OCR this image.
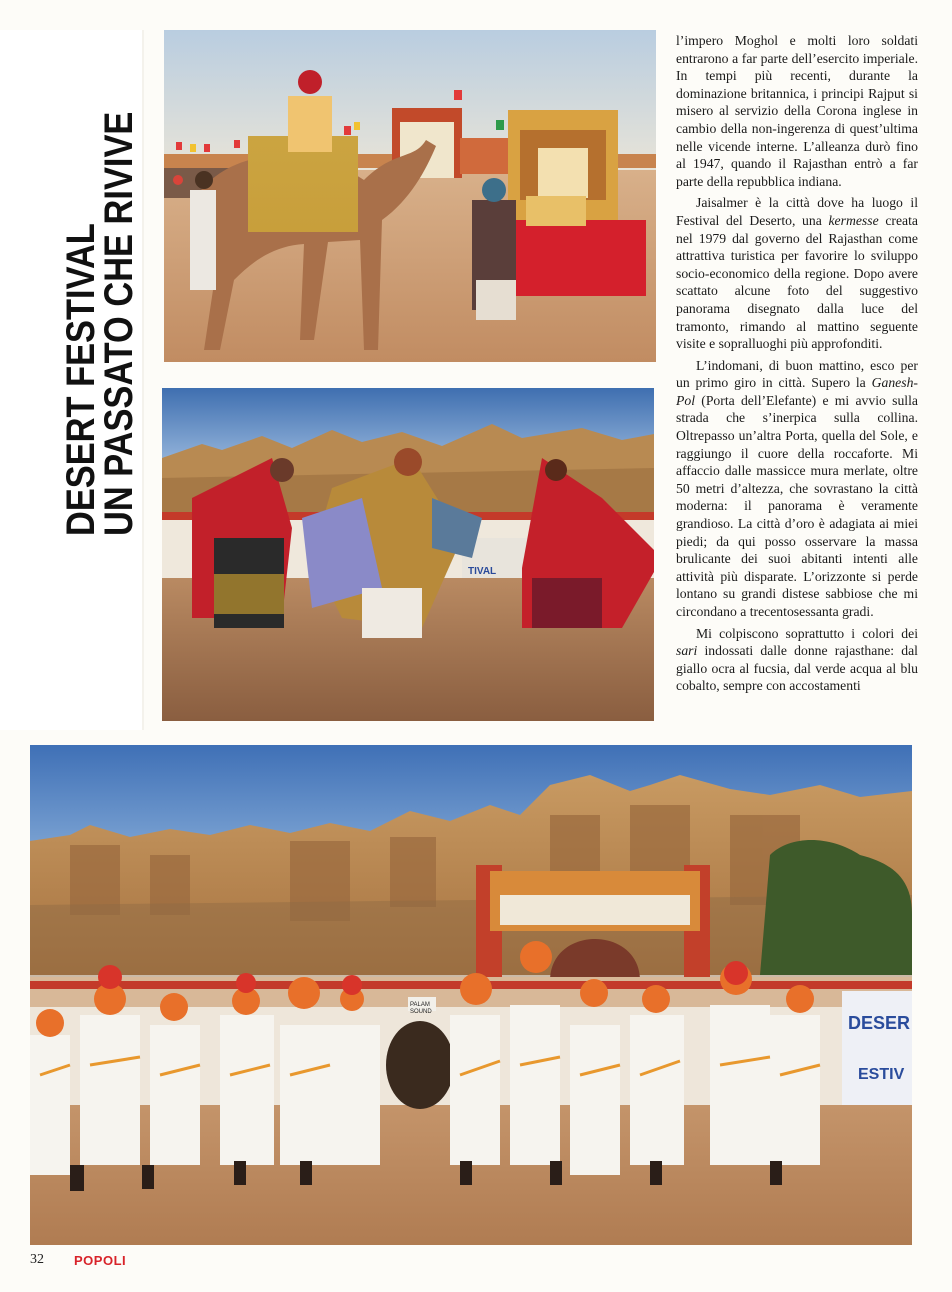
DESERT FESTIVAL
UN PASSATO CHE RIVIVE
TIVAL

l’impero Moghol e molti loro soldati entrarono a far parte dell’esercito imperiale. In tempi più recenti, durante la dominazione britannica, i principi Rajput si misero al servizio della Corona inglese in cambio della non-ingerenza di quest’ultima nelle vicende interne. L’alleanza durò fino al 1947, quando il Rajasthan entrò a far parte della repubblica indiana.

Jaisalmer è la città dove ha luogo il Festival del Deserto, una kermesse creata nel 1979 dal governo del Rajasthan come attrattiva turistica per favorire lo sviluppo socio-economico della regione. Dopo avere scattato alcune foto del suggestivo panorama disegnato dalla luce del tramonto, rimando al mattino seguente visite e sopralluoghi più approfonditi.

L’indomani, di buon mattino, esco per un primo giro in città. Supero la Ganesh-Pol (Porta dell’Elefante) e mi avvio sulla strada che s’inerpica sulla collina. Oltrepasso un’altra Porta, quella del Sole, e raggiungo il cuore della roccaforte. Mi affaccio dalle massicce mura merlate, oltre 50 metri d’altezza, che sovrastano la città moderna: il panorama è veramente grandioso. La città d’oro è adagiata ai miei piedi; da qui posso osservare la massa brulicante dei suoi abitanti intenti alle attività più disparate. L’orizzonte si perde lontano su grandi distese sabbiose che mi circondano a trecentosessanta gradi.

Mi colpiscono soprattutto i colori dei sari indossati dalle donne rajasthane: dal giallo ocra al fucsia, dal verde acqua al blu cobalto, sempre con accostamenti

DESER
ESTIV
PALAM
SOUND
32 POPOLI
